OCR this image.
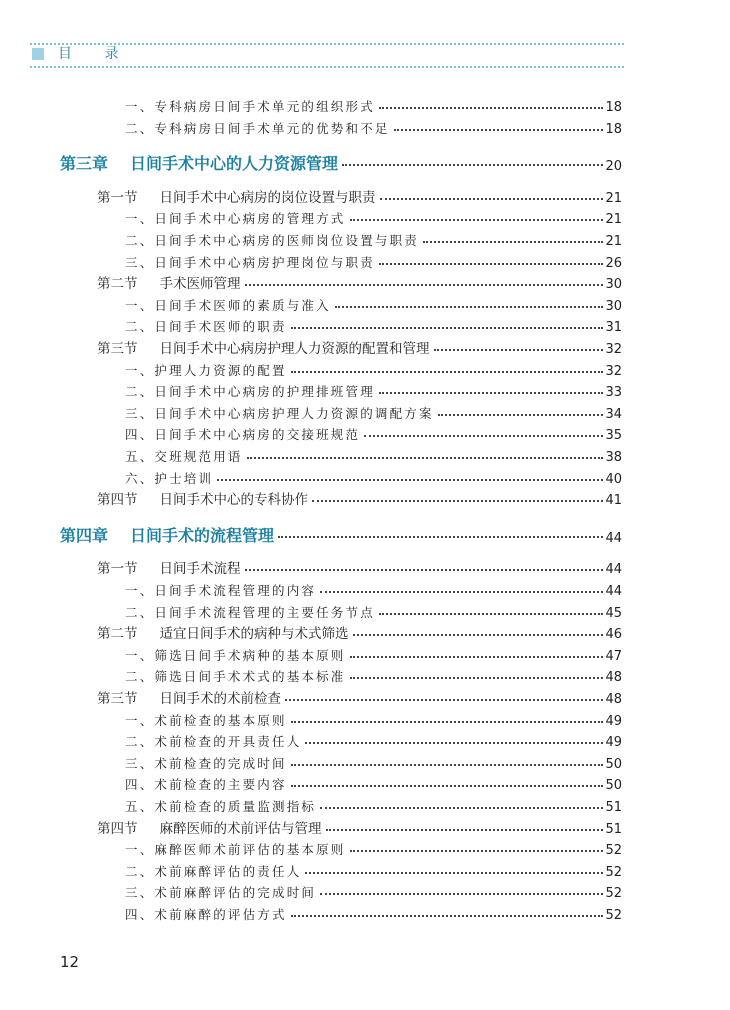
目 录
一、专科病房日间手术单元的组织形式	18
二、专科病房日间手术单元的优势和不足	18
第三章 日间手术中心的人力资源管理	20
第一节 日间手术中心病房的岗位设置与职责	21
一、日间手术中心病房的管理方式	21
二、日间手术中心病房的医师岗位设置与职责	21
三、日间手术中心病房护理岗位与职责	26
第二节 手术医师管理	30
一、日间手术医师的素质与准入	30
二、日间手术医师的职责	31
第三节 日间手术中心病房护理人力资源的配置和管理	32
一、护理人力资源的配置	32
二、日间手术中心病房的护理排班管理	33
三、日间手术中心病房护理人力资源的调配方案	34
四、日间手术中心病房的交接班规范	35
五、交班规范用语	38
六、护士培训	40
第四节 日间手术中心的专科协作	41
第四章 日间手术的流程管理	44
第一节 日间手术流程	44
一、日间手术流程管理的内容	44
二、日间手术流程管理的主要任务节点	45
第二节 适宜日间手术的病种与术式筛选	46
一、筛选日间手术病种的基本原则	47
二、筛选日间手术术式的基本标准	48
第三节 日间手术的术前检查	48
一、术前检查的基本原则	49
二、术前检查的开具责任人	49
三、术前检查的完成时间	50
四、术前检查的主要内容	50
五、术前检查的质量监测指标	51
第四节 麻醉医师的术前评估与管理	51
一、麻醉医师术前评估的基本原则	52
二、术前麻醉评估的责任人	52
三、术前麻醉评估的完成时间	52
四、术前麻醉的评估方式	52
12
